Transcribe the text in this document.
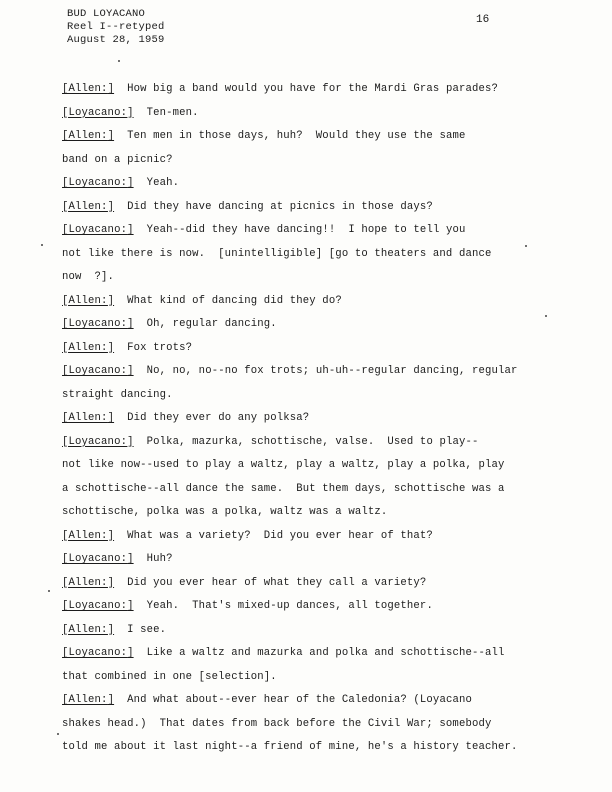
BUD LOYACANO
Reel I--retyped
August 28, 1959
16
[ Allen: ] How big a band would you have for the Mardi Gras parades?
[ Loyacano: ] Ten-men.
[ Allen: ] Ten men in those days, huh?  Would they use the same
band on a picnic?
[ Loyacano: ] Yeah.
[ Allen: ] Did they have dancing at picnics in those days?
[ Loyacano: ] Yeah--did they have dancing!!  I hope to tell you
not like there is now.  [unintelligible] [go to theaters and dance
now  ?].
[ Allen: ] What kind of dancing did they do?
[ Loyacano: ] Oh, regular dancing.
[ Allen: ] Fox trots?
[ Loyacano: ] No, no, no--no fox trots; uh-uh--regular dancing, regular
straight dancing.
[ Allen: ] Did they ever do any polksa?
[ Loyacano: ] Polka, mazurka, schottische, valse.  Used to play--
not like now--used to play a waltz, play a waltz, play a polka, play
a schottische--all dance the same.  But them days, schottische was a
schottische, polka was a polka, waltz was a waltz.
[ Allen: ] What was a variety?  Did you ever hear of that?
[ Loyacano: ] Huh?
[ Allen: ] Did you ever hear of what they call a variety?
[ Loyacano: ] Yeah.  That's mixed-up dances, all together.
[ Allen: ] I see.
[ Loyacano: ] Like a waltz and mazurka and polka and schottische--all
that combined in one [selection].
[ Allen: ] And what about--ever hear of the Caledonia? (Loyacano
shakes head.)  That dates from back before the Civil War; somebody
told me about it last night--a friend of mine, he's a history teacher.
